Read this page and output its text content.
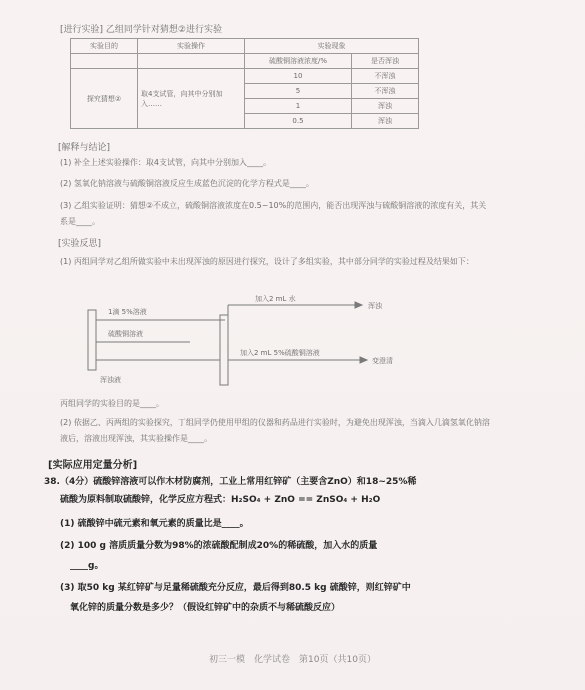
[进行实验] 乙组同学针对猜想②进行实验
实验目的	实验操作	实验现象	
		硫酸铜溶液浓度/%	是否浑浊
探究猜想②	取4支试管，向其中分别加入……	10	不浑浊
		5	不浑浊
		1	浑浊
		0.5	浑浊
[解释与结论]
(1) 补全上述实验操作：取4支试管，向其中分别加入____。
(2) 氢氧化钠溶液与硫酸铜溶液反应生成蓝色沉淀的化学方程式是____。
(3) 乙组实验证明：猜想②不成立，硫酸铜溶液浓度在0.5~10%的范围内，能否出现浑浊与硫酸铜溶液的浓度有关，其关系是____。
[实验反思]
(1) 丙组同学对乙组所做实验中未出现浑浊的原因进行探究，设计了多组实验，其中部分同学的实验过程及结果如下：
1滴 5%溶液
硫酸铜溶液
浑浊液
加入2 mL 水
加入2 mL 5%硫酸铜溶液
浑浊
变澄清
丙组同学的实验目的是____。
(2) 依据乙、丙两组的实验探究，丁组同学仍使用甲组的仪器和药品进行实验时，为避免出现浑浊，当滴入几滴氢氧化钠溶液后，溶液出现浑浊，其实验操作是____。
[实际应用定量分析]
38.（4分）硫酸锌溶液可以作木材防腐剂，工业上常用红锌矿（主要含ZnO）和18~25%稀
硫酸为原料制取硫酸锌，化学反应方程式：H₂SO₄ + ZnO == ZnSO₄ + H₂O
(1) 硫酸锌中硫元素和氧元素的质量比是____。
(2) 100 g 溶质质量分数为98%的浓硫酸配制成20%的稀硫酸，加入水的质量
____g。
(3) 取50 kg 某红锌矿与足量稀硫酸充分反应，最后得到80.5 kg 硫酸锌，则红锌矿中
氧化锌的质量分数是多少？（假设红锌矿中的杂质不与稀硫酸反应）
初三一模　化学试卷　第10页（共10页）
